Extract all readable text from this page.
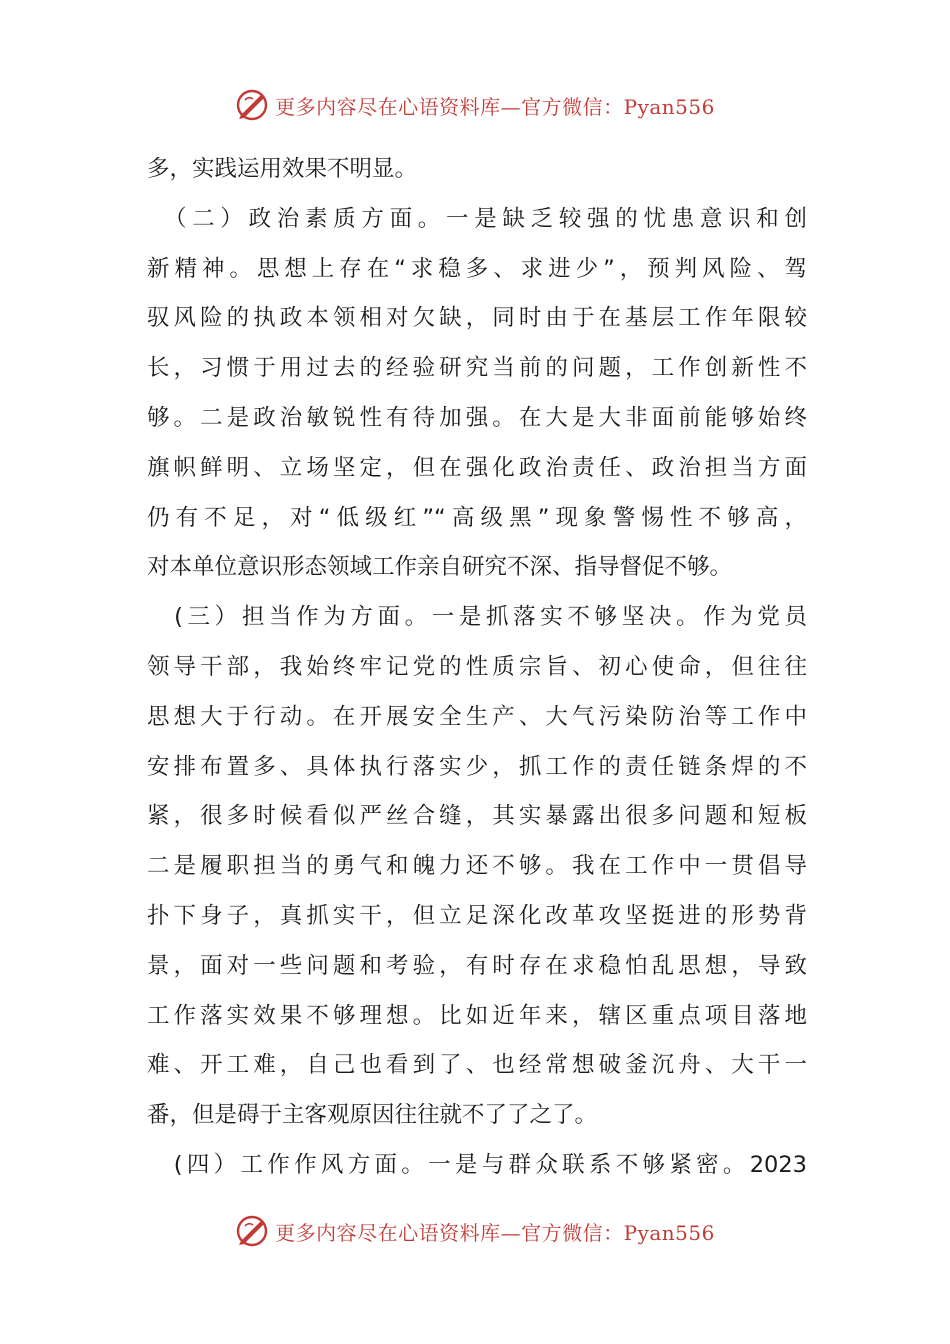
更多内容尽在心语资料库—官方微信：Pyan556
多，实践运用效果不明显。
　（二）政治素质方面。一是缺乏较强的忧患意识和创
新精神。思想上存在“求稳多、求进少”，预判风险、驾
驭风险的执政本领相对欠缺，同时由于在基层工作年限较
长，习惯于用过去的经验研究当前的问题，工作创新性不
够。二是政治敏锐性有待加强。在大是大非面前能够始终
旗帜鲜明、立场坚定，但在强化政治责任、政治担当方面
仍有不足，对“低级红”“高级黑”现象警惕性不够高，
对本单位意识形态领域工作亲自研究不深、指导督促不够。
　(三）担当作为方面。一是抓落实不够坚决。作为党员
领导干部，我始终牢记党的性质宗旨、初心使命，但往往
思想大于行动。在开展安全生产、大气污染防治等工作中
安排布置多、具体执行落实少，抓工作的责任链条焊的不
紧，很多时候看似严丝合缝，其实暴露出很多问题和短板
二是履职担当的勇气和魄力还不够。我在工作中一贯倡导
扑下身子，真抓实干，但立足深化改革攻坚挺进的形势背
景，面对一些问题和考验，有时存在求稳怕乱思想，导致
工作落实效果不够理想。比如近年来，辖区重点项目落地
难、开工难，自己也看到了、也经常想破釜沉舟、大干一
番，但是碍于主客观原因往往就不了了之了。
　(四）工作作风方面。一是与群众联系不够紧密。2023
更多内容尽在心语资料库—官方微信：Pyan556
